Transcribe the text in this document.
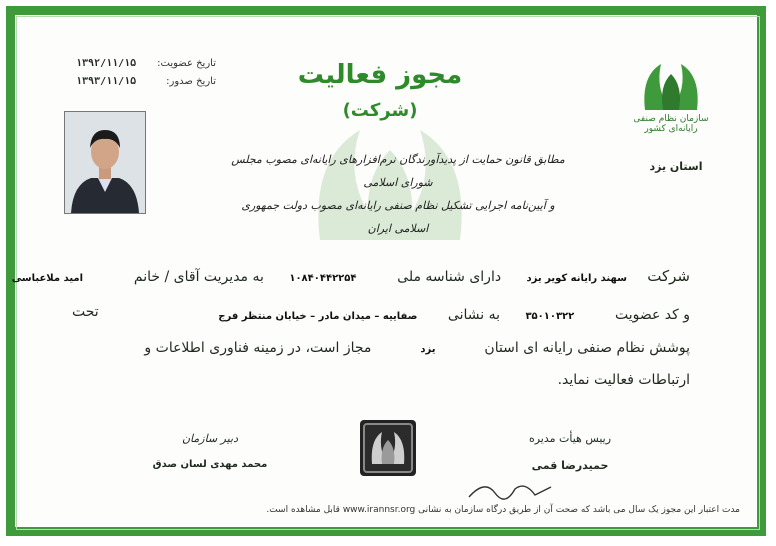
سازمان نظام صنفی رایانه‌ای کشور
استان یزد
مجوز فعالیت
(شرکت)
تاریخ عضویت:
۱۳۹۲/۱۱/۱۵
تاریخ صدور:
۱۳۹۳/۱۱/۱۵
مطابق قانون حمایت از پدیدآورندگان نرم‌افزارهای رایانه‌ای مصوب مجلس شورای اسلامی
و آیین‌نامه اجرایی تشکیل نظام صنفی رایانه‌ای مصوب دولت جمهوری اسلامی ایران
شرکت    سهند رایانه کویر یزد     دارای شناسه ملی        ۱۰۸۴۰۴۴۲۲۵۴     به مدیریت آقای / خانم          امید ملاعباسی
و کد عضویت        ۳۵۰۱۰۳۲۲     به نشانی      صفاییه – میدان مادر – خیابان منتظر فرج
تحت
پوشش نظام صنفی رایانه ای استان           یزد           مجاز است، در زمینه فناوری اطلاعات و
ارتباطات فعالیت نماید.
دبیر سازمان
محمد مهدی لسان صدق
رییس هیأت مدیره
حمیدرضا قمی
مدت اعتبار این مجوز یک سال می باشد که صحت آن از طریق درگاه سازمان به نشانی www.irannsr.org قابل مشاهده است.
